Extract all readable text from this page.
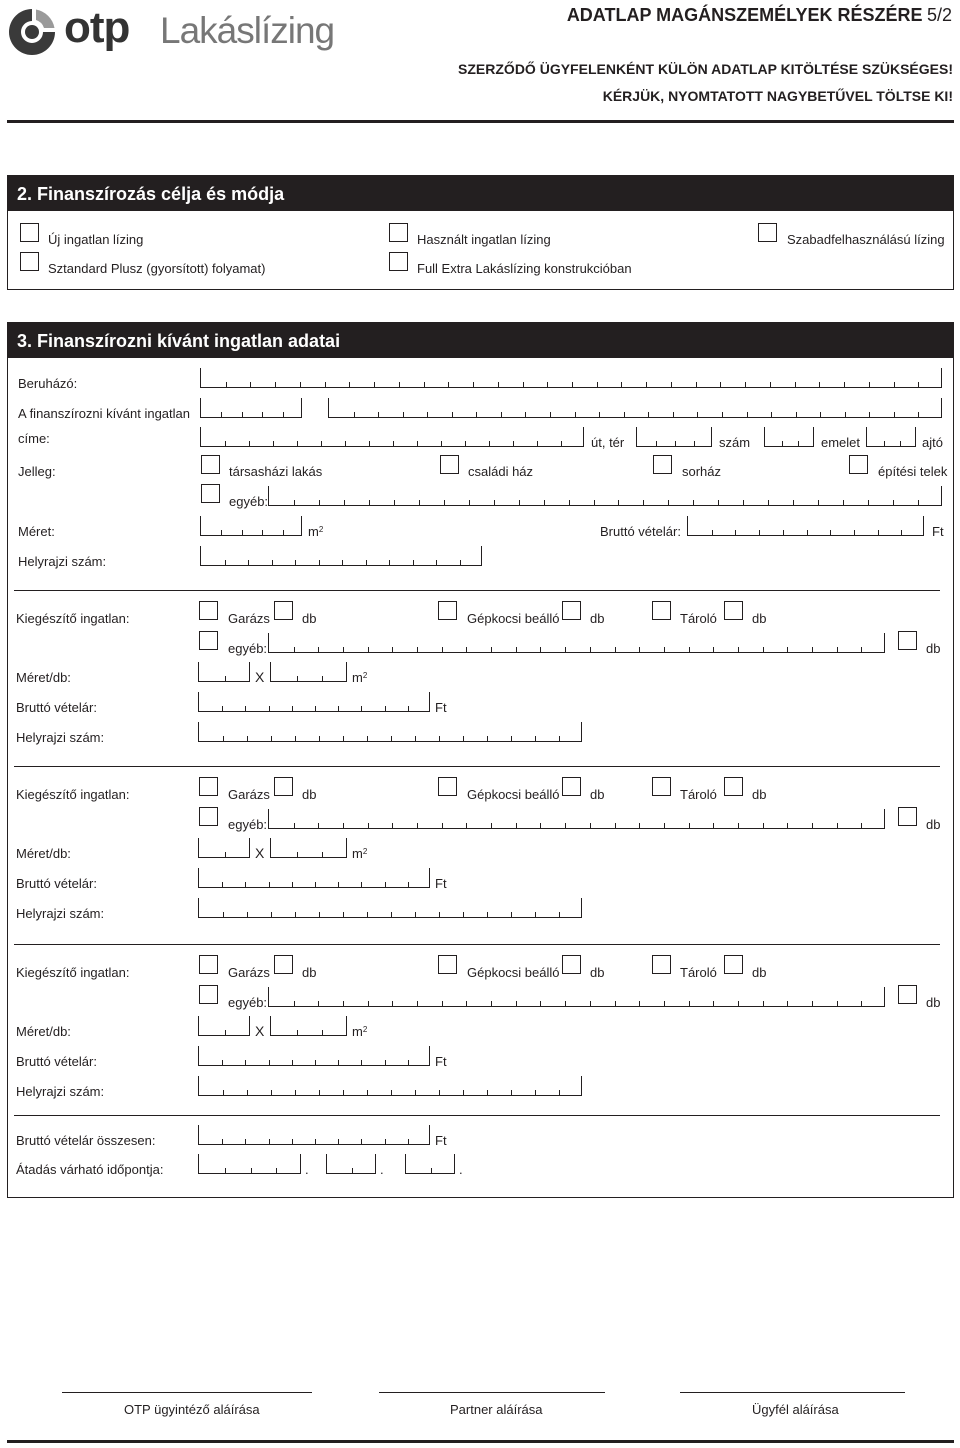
otp Lakáslízing	ADATLAP MAGÁNSZEMÉLYEK RÉSZÉRE 5/2
SZERZŐDŐ ÜGYFELENKÉNT KÜLÖN ADATLAP KITÖLTÉSE SZÜKSÉGES!
KÉRJÜK, NYOMTATOTT NAGYBETŰVEL TÖLTSE KI!
2. Finanszírozás célja és módja
Új ingatlan lízing	Használt ingatlan lízing	Szabadfelhasználású lízing
Sztandard Plusz (gyorsított) folyamat)	Full Extra Lakáslízing konstrukcióban
3. Finanszírozni kívánt ingatlan adatai
Beruházó:
A finanszírozni kívánt ingatlan
címe:	út, tér	szám	emelet	ajtó
Jelleg:	társasházi lakás	családi ház	sorház	építési telek
egyéb:
Méret:	$m^2$	Bruttó vételár:	Ft
Helyrajzi szám:
Kiegészítő ingatlan:	Garázs db	Gépkocsi beálló db	Tároló	db
egyéb:	db
Méret/db:	X	$m^2$
Bruttó vételár:	Ft
Helyrajzi szám:
Kiegészítő ingatlan:	Garázs db	Gépkocsi beálló db	Tároló	db
egyéb:	db
Méret/db:	X	$m^2$
Bruttó vételár:	Ft
Helyrajzi szám:
Kiegészítő ingatlan:	Garázs db	Gépkocsi beálló db	Tároló	db
egyéb:	db
Méret/db:	X	$m^2$
Bruttó vételár:	Ft
Helyrajzi szám:
Bruttó vételár összesen:	Ft
Átadás várható időpontja:	.	.	.
OTP ügyintéző aláírása	Partner aláírása	Ügyfél aláírása
